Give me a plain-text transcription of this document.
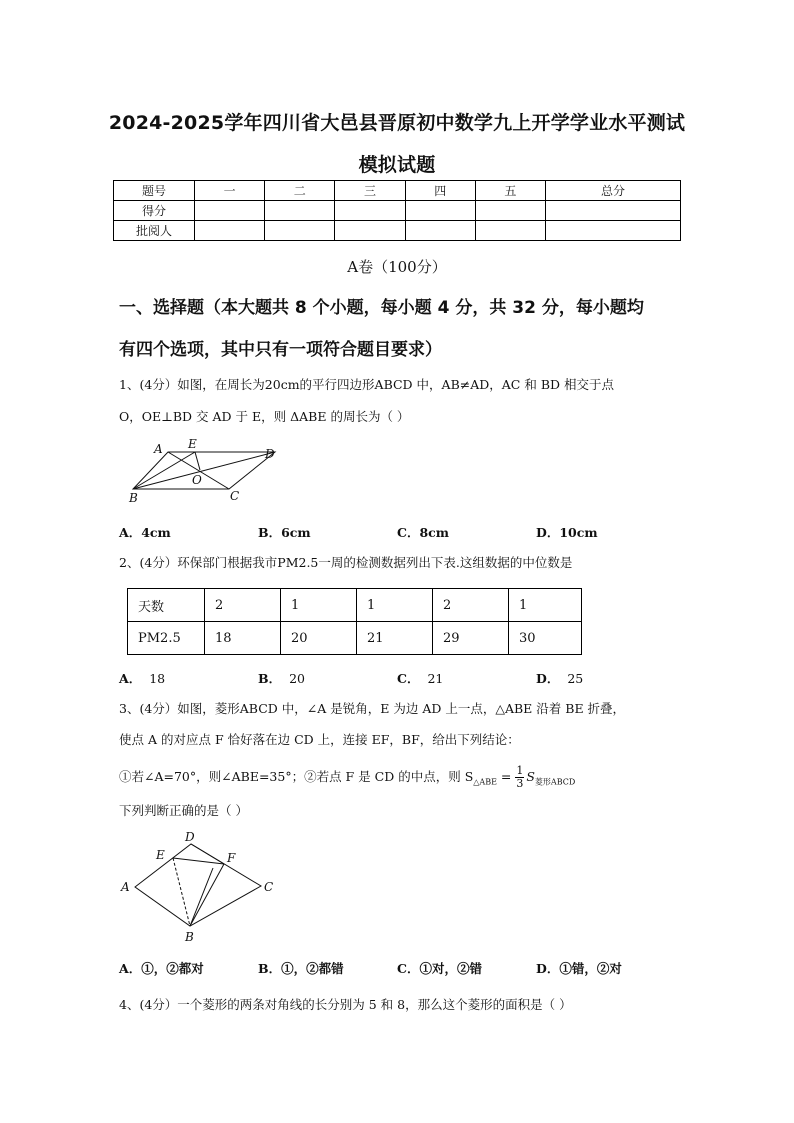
2024-2025学年四川省大邑县晋原初中数学九上开学学业水平测试
模拟试题
题号	一	二	三	四	五	总分
得分						
批阅人						
A卷（100分）
一、选择题（本大题共 8 个小题，每小题 4 分，共 32 分，每小题均
有四个选项，其中只有一项符合题目要求）
1、(4分）如图，在周长为20cm的平行四边形ABCD 中，AB≠AD，AC 和 BD 相交于点
O，OE⊥BD 交 AD 于 E，则 ΔABE 的周长为（ ）
A E
D
O
B	C
A．4cm	B．6cm	C．8cm	D．10cm
2、(4分）环保部门根据我市PM2.5一周的检测数据列出下表.这组数据的中位数是
天数	2	1	1	2	1
PM2.5	18	20	21	29	30
A． 18	B． 20	C． 21	D． 25
3、(4分）如图，菱形ABCD 中，∠A 是锐角，E 为边 AD 上一点，△ABE 沿着 BE 折叠，
使点 A 的对应点 F 恰好落在边 CD 上，连接 EF，BF，给出下列结论：
①若∠A=70°，则∠ABE=35°；②若点 F 是 CD 的中点，则 $S_{\triangle ABE} = \frac{1}{3} S_{菱形ABCD}$
下列判断正确的是（ ）
D
E	F
A	C
B
A．①，②都对	B．①，②都错	C．①对，②错	D．①错，②对
4、(4分）一个菱形的两条对角线的长分别为 5 和 8，那么这个菱形的面积是（ ）
